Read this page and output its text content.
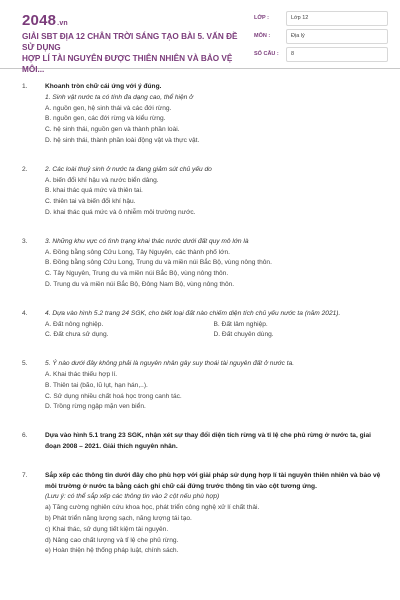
2048.vn
GIẢI SBT ĐỊA 12 CHÂN TRỜI SÁNG TẠO BÀI 5. VẤN ĐỀ SỬ DỤNG
HỢP LÍ TÀI NGUYÊN ĐƯỢC THIÊN NHIÊN VÀ BẢO VỆ MÔI...
LỚP :	Lớp 12
MÔN :	Địa lý
SỐ CÂU :	8
1.	Khoanh tròn chữ cái ứng với ý đúng.
1. Sinh vật nước ta có tính đa dạng cao, thể hiện ở
A. nguồn gen, hệ sinh thái và các đới rừng.
B. nguồn gen, các đới rừng và kiểu rừng.
C. hệ sinh thái, nguồn gen và thành phần loài.
D. hệ sinh thái, thành phần loài động vật và thực vật.
2.	2. Các loài thuỷ sinh ở nước ta đang giảm sút chủ yếu do
A. biến đổi khí hậu và nước biển dâng.
B. khai thác quá mức và thiên tai.
C. thiên tai và biến đổi khí hậu.
D. khai thác quá mức và ô nhiễm môi trường nước.
3.	3. Những khu vực có tình trạng khai thác nước dưới đất quy mô lớn là
A. Đồng bằng sông Cửu Long, Tây Nguyên, các thành phố lớn.
B. Đồng bằng sông Cửu Long, Trung du và miền núi Bắc Bộ, vùng nông thôn.
C. Tây Nguyên, Trung du và miền núi Bắc Bộ, vùng nông thôn.
D. Trung du và miền núi Bắc Bộ, Đông Nam Bộ, vùng nông thôn.
4.	4. Dựa vào hình 5.2 trang 24 SGK, cho biết loại đất nào chiếm diện tích chủ yếu nước ta (năm 2021).
A. Đất nông nghiệp.	B. Đất lâm nghiệp.
C. Đất chưa sử dụng.	D. Đất chuyên dùng.
5.	5. Ý nào dưới đây không phải là nguyên nhân gây suy thoái tài nguyên đất ở nước ta.
A. Khai thác thiếu hợp lí.
B. Thiên tai (bão, lũ lụt, hạn hán,..).
C. Sử dụng nhiều chất hoá học trong canh tác.
D. Trồng rừng ngập mặn ven biển.
6.	Dựa vào hình 5.1 trang 23 SGK, nhận xét sự thay đổi diện tích rừng và tỉ lệ che phủ rừng ở nước ta, giai đoạn 2008 – 2021. Giải thích nguyên nhân.
7.	Sắp xếp các thông tin dưới đây cho phù hợp với giải pháp sử dụng hợp lí tài nguyên thiên nhiên và bảo vệ môi trường ở nước ta bằng cách ghi chữ cái đứng trước thông tin vào cột tương ứng.
(Lưu ý: có thể sắp xếp các thông tin vào 2 cột nếu phù hợp)
a) Tăng cường nghiên cứu khoa học, phát triển công nghệ xử lí chất thải.
b) Phát triển năng lượng sạch, năng lượng tái tạo.
c) Khai thác, sử dụng tiết kiệm tài nguyên.
d) Nâng cao chất lượng và tỉ lệ che phủ rừng.
e) Hoàn thiện hệ thống pháp luật, chính sách.
